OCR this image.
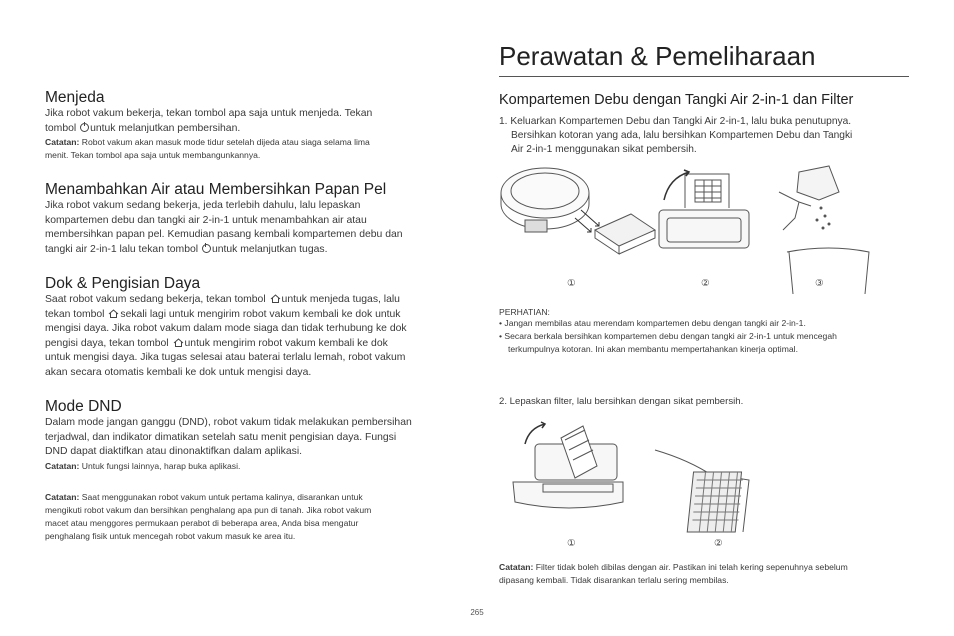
Menjeda

Jika robot vakum bekerja, tekan tombol apa saja untuk menjeda. Tekan
tombol untuk melanjutkan pembersihan.

Catatan: Robot vakum akan masuk mode tidur setelah dijeda atau siaga selama lima
menit. Tekan tombol apa saja untuk membangunkannya.
Menambahkan Air atau Membersihkan Papan Pel

Jika robot vakum sedang bekerja, jeda terlebih dahulu, lalu lepaskan
kompartemen debu dan tangki air 2-in-1 untuk menambahkan air atau
membersihkan papan pel. Kemudian pasang kembali kompartemen debu dan
tangki air 2-in-1 lalu tekan tombol untuk melanjutkan tugas.

Dok & Pengisian Daya

Saat robot vakum sedang bekerja, tekan tombol untuk menjeda tugas, lalu
tekan tombol sekali lagi untuk mengirim robot vakum kembali ke dok untuk
mengisi daya. Jika robot vakum dalam mode siaga dan tidak terhubung ke dok
pengisi daya, tekan tombol untuk mengirim robot vakum kembali ke dok
untuk mengisi daya. Jika tugas selesai atau baterai terlalu lemah, robot vakum
akan secara otomatis kembali ke dok untuk mengisi daya.

Mode DND

Dalam mode jangan ganggu (DND), robot vakum tidak melakukan pembersihan
terjadwal, dan indikator dimatikan setelah satu menit pengisian daya. Fungsi
DND dapat diaktifkan atau dinonaktifkan dalam aplikasi.

Catatan: Untuk fungsi lainnya, harap buka aplikasi.
Catatan: Saat menggunakan robot vakum untuk pertama kalinya, disarankan untuk
mengikuti robot vakum dan bersihkan penghalang apa pun di tanah. Jika robot vakum
macet atau menggores permukaan perabot di beberapa area, Anda bisa mengatur
penghalang fisik untuk mencegah robot vakum masuk ke area itu.
Perawatan & Pemeliharaan
Kompartemen Debu dengan Tangki Air 2-in-1 dan Filter

1. Keluarkan Kompartemen Debu dan Tangki Air 2-in-1, lalu buka penutupnya.
Bersihkan kotoran yang ada, lalu bersihkan Kompartemen Debu dan Tangki
Air 2-in-1 menggunakan sikat pembersih.

①	②	③
PERHATIAN:
• Jangan membilas atau merendam kompartemen debu dengan tangki air 2-in-1.
• Secara berkala bersihkan kompartemen debu dengan tangki air 2-in-1 untuk mencegah
terkumpulnya kotoran. Ini akan membantu mempertahankan kinerja optimal.

2. Lepaskan filter, lalu bersihkan dengan sikat pembersih.

①	②
Catatan: Filter tidak boleh dibilas dengan air. Pastikan ini telah kering sepenuhnya sebelum
dipasang kembali. Tidak disarankan terlalu sering membilas.
265
